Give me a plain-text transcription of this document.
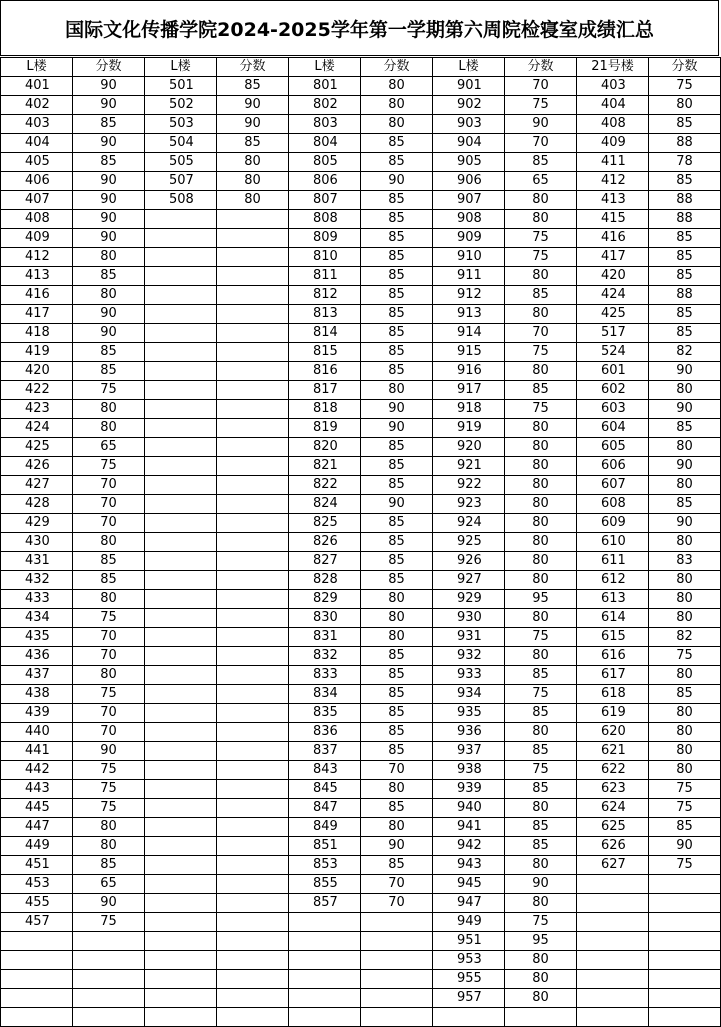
国际文化传播学院2024-2025学年第一学期第六周院检寝室成绩汇总
L楼	分数	L楼	分数	L楼	分数	L楼	分数	21号楼	分数
401	90	501	85	801	80	901	70	403	75
402	90	502	90	802	80	902	75	404	80
403	85	503	90	803	80	903	90	408	85
404	90	504	85	804	85	904	70	409	88
405	85	505	80	805	85	905	85	411	78
406	90	507	80	806	90	906	65	412	85
407	90	508	80	807	85	907	80	413	88
408	90			808	85	908	80	415	88
409	90			809	85	909	75	416	85
412	80			810	85	910	75	417	85
413	85			811	85	911	80	420	85
416	80			812	85	912	85	424	88
417	90			813	85	913	80	425	85
418	90			814	85	914	70	517	85
419	85			815	85	915	75	524	82
420	85			816	85	916	80	601	90
422	75			817	80	917	85	602	80
423	80			818	90	918	75	603	90
424	80			819	90	919	80	604	85
425	65			820	85	920	80	605	80
426	75			821	85	921	80	606	90
427	70			822	85	922	80	607	80
428	70			824	90	923	80	608	85
429	70			825	85	924	80	609	90
430	80			826	85	925	80	610	80
431	85			827	85	926	80	611	83
432	85			828	85	927	80	612	80
433	80			829	80	929	95	613	80
434	75			830	80	930	80	614	80
435	70			831	80	931	75	615	82
436	70			832	85	932	80	616	75
437	80			833	85	933	85	617	80
438	75			834	85	934	75	618	85
439	70			835	85	935	85	619	80
440	70			836	85	936	80	620	80
441	90			837	85	937	85	621	80
442	75			843	70	938	75	622	80
443	75			845	80	939	85	623	75
445	75			847	85	940	80	624	75
447	80			849	80	941	85	625	85
449	80			851	90	942	85	626	90
451	85			853	85	943	80	627	75
453	65			855	70	945	90		
455	90			857	70	947	80		
457	75					949	75		
						951	95		
						953	80		
						955	80		
						957	80		
